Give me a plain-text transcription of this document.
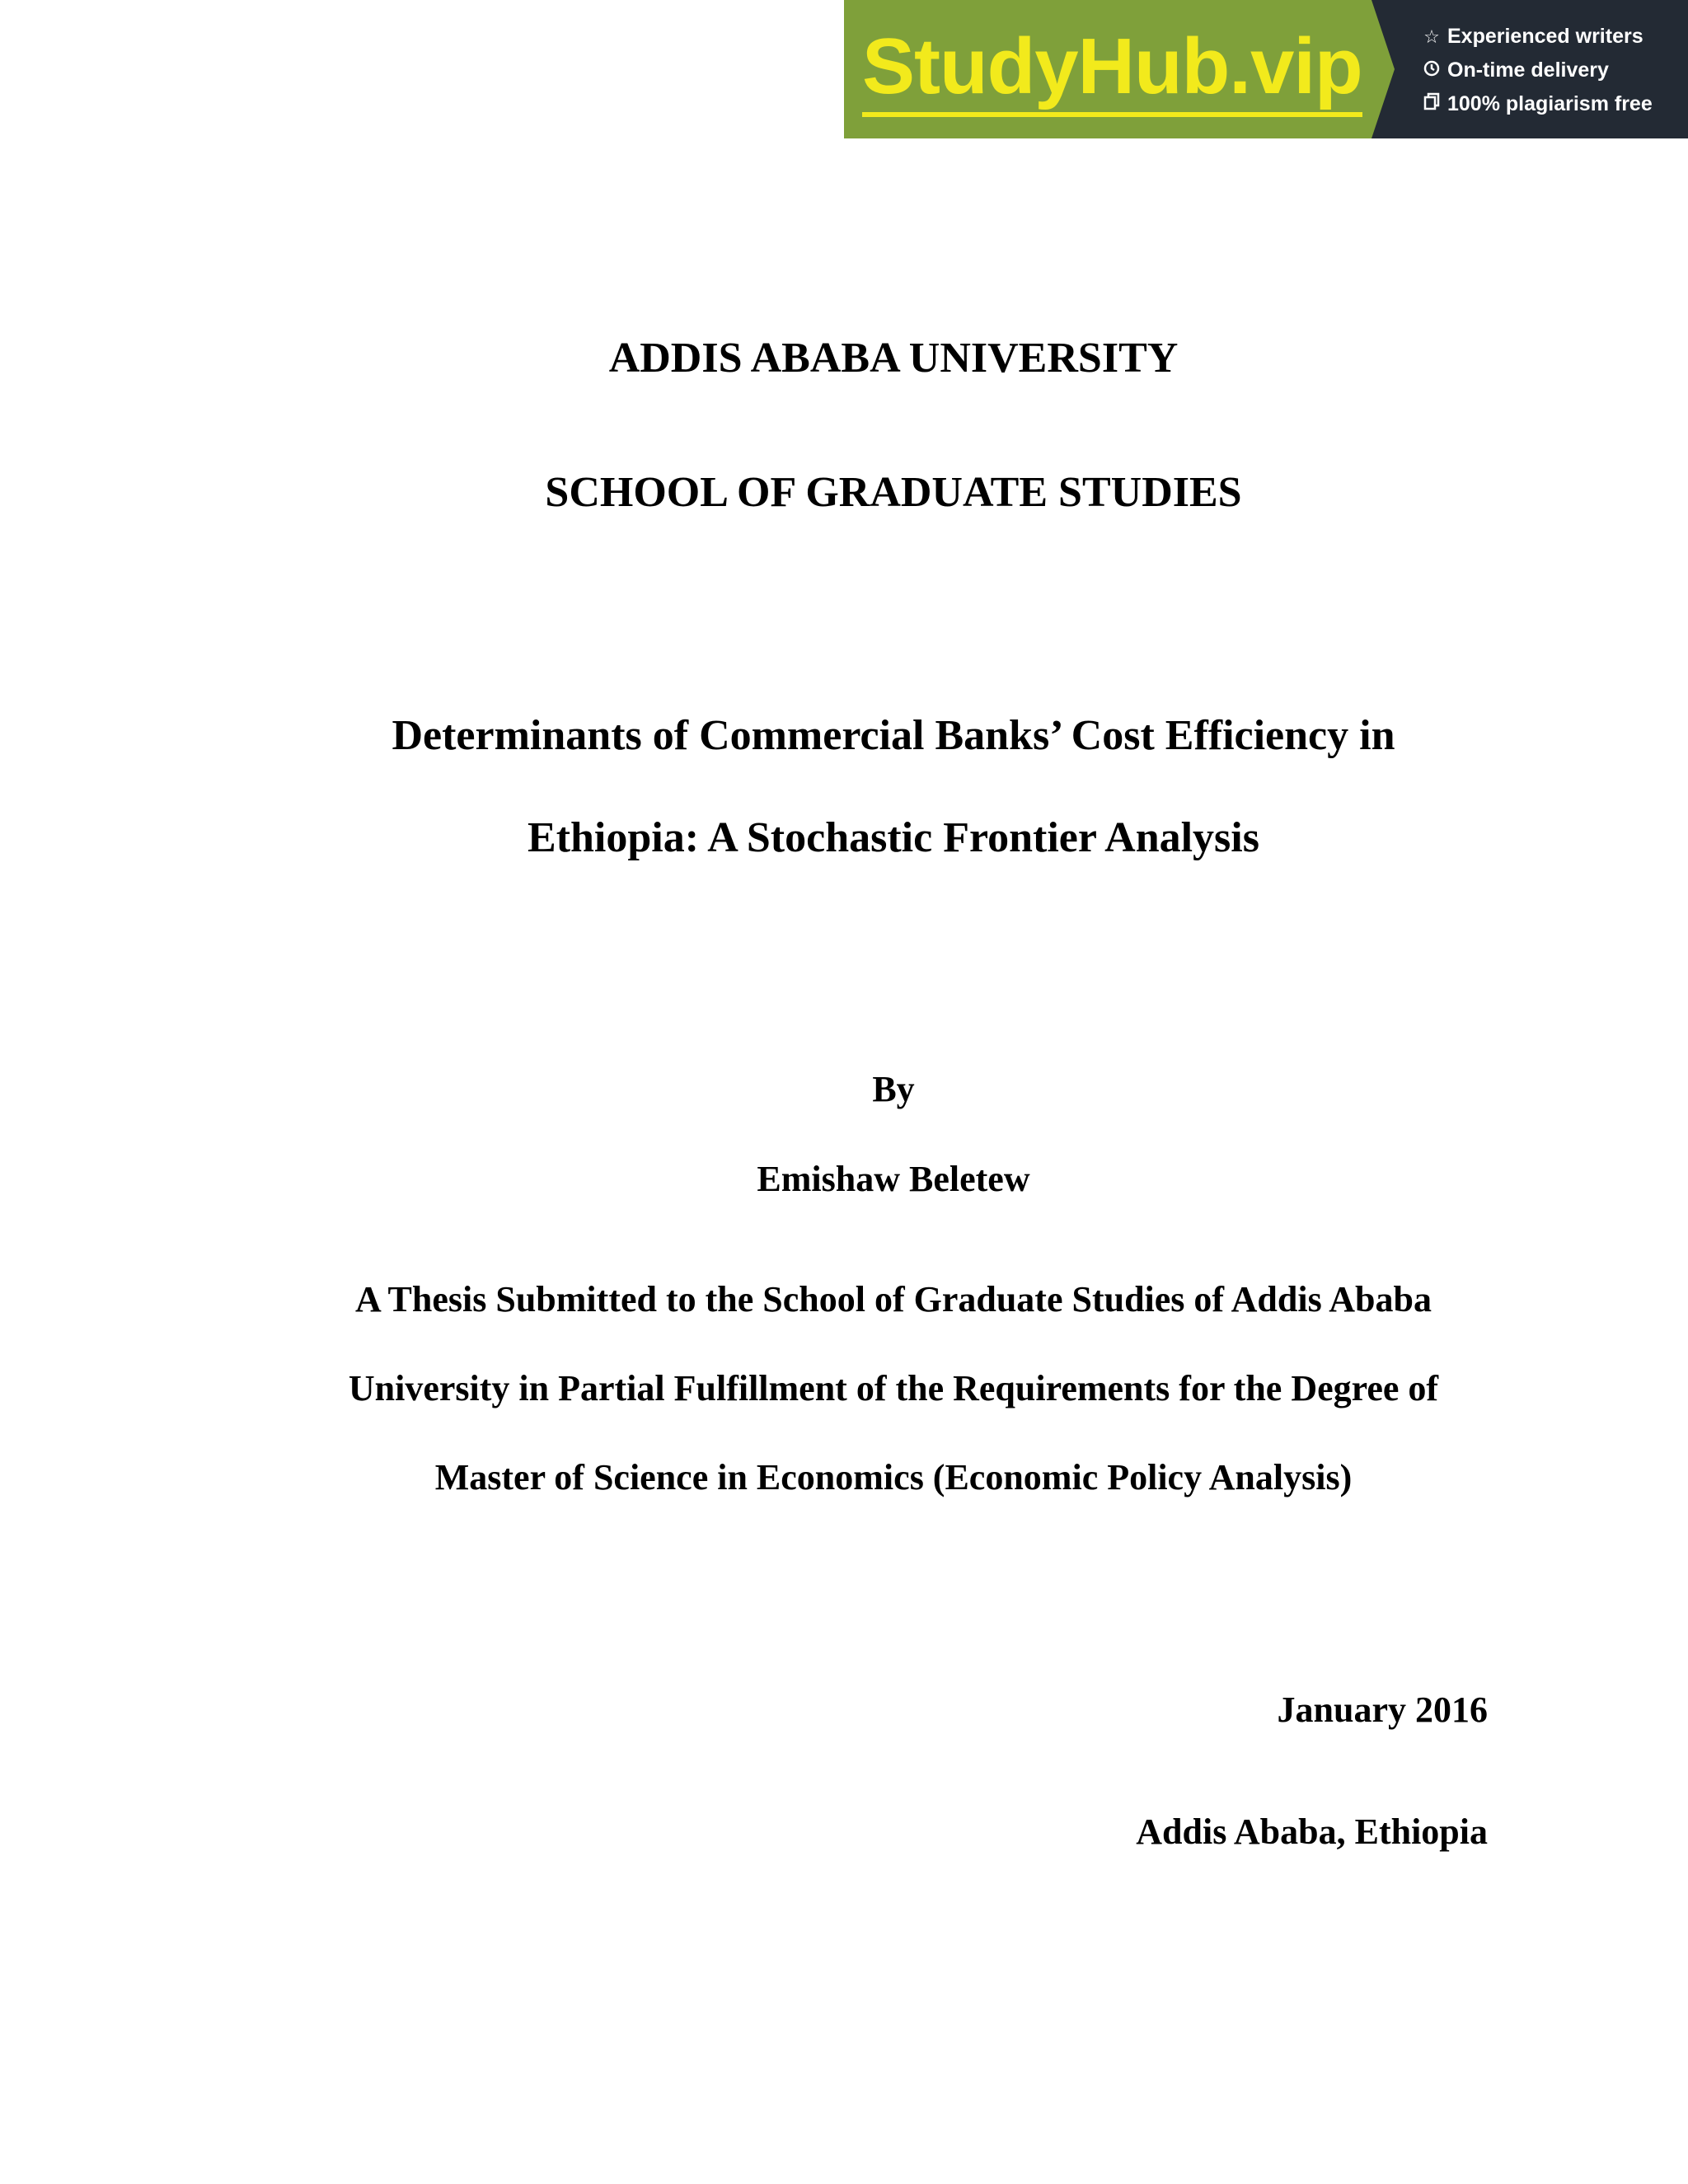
StudyHub.vip	☆ Experienced writers
On-time delivery
100% plagiarism free
ADDIS ABABA UNIVERSITY
SCHOOL OF GRADUATE STUDIES
Determinants of Commercial Banks’ Cost Efficiency in
Ethiopia: A Stochastic Frontier Analysis
By
Emishaw Beletew
A Thesis Submitted to the School of Graduate Studies of Addis Ababa
University in Partial Fulfillment of the Requirements for the Degree of
Master of Science in Economics (Economic Policy Analysis)
January 2016
Addis Ababa, Ethiopia
